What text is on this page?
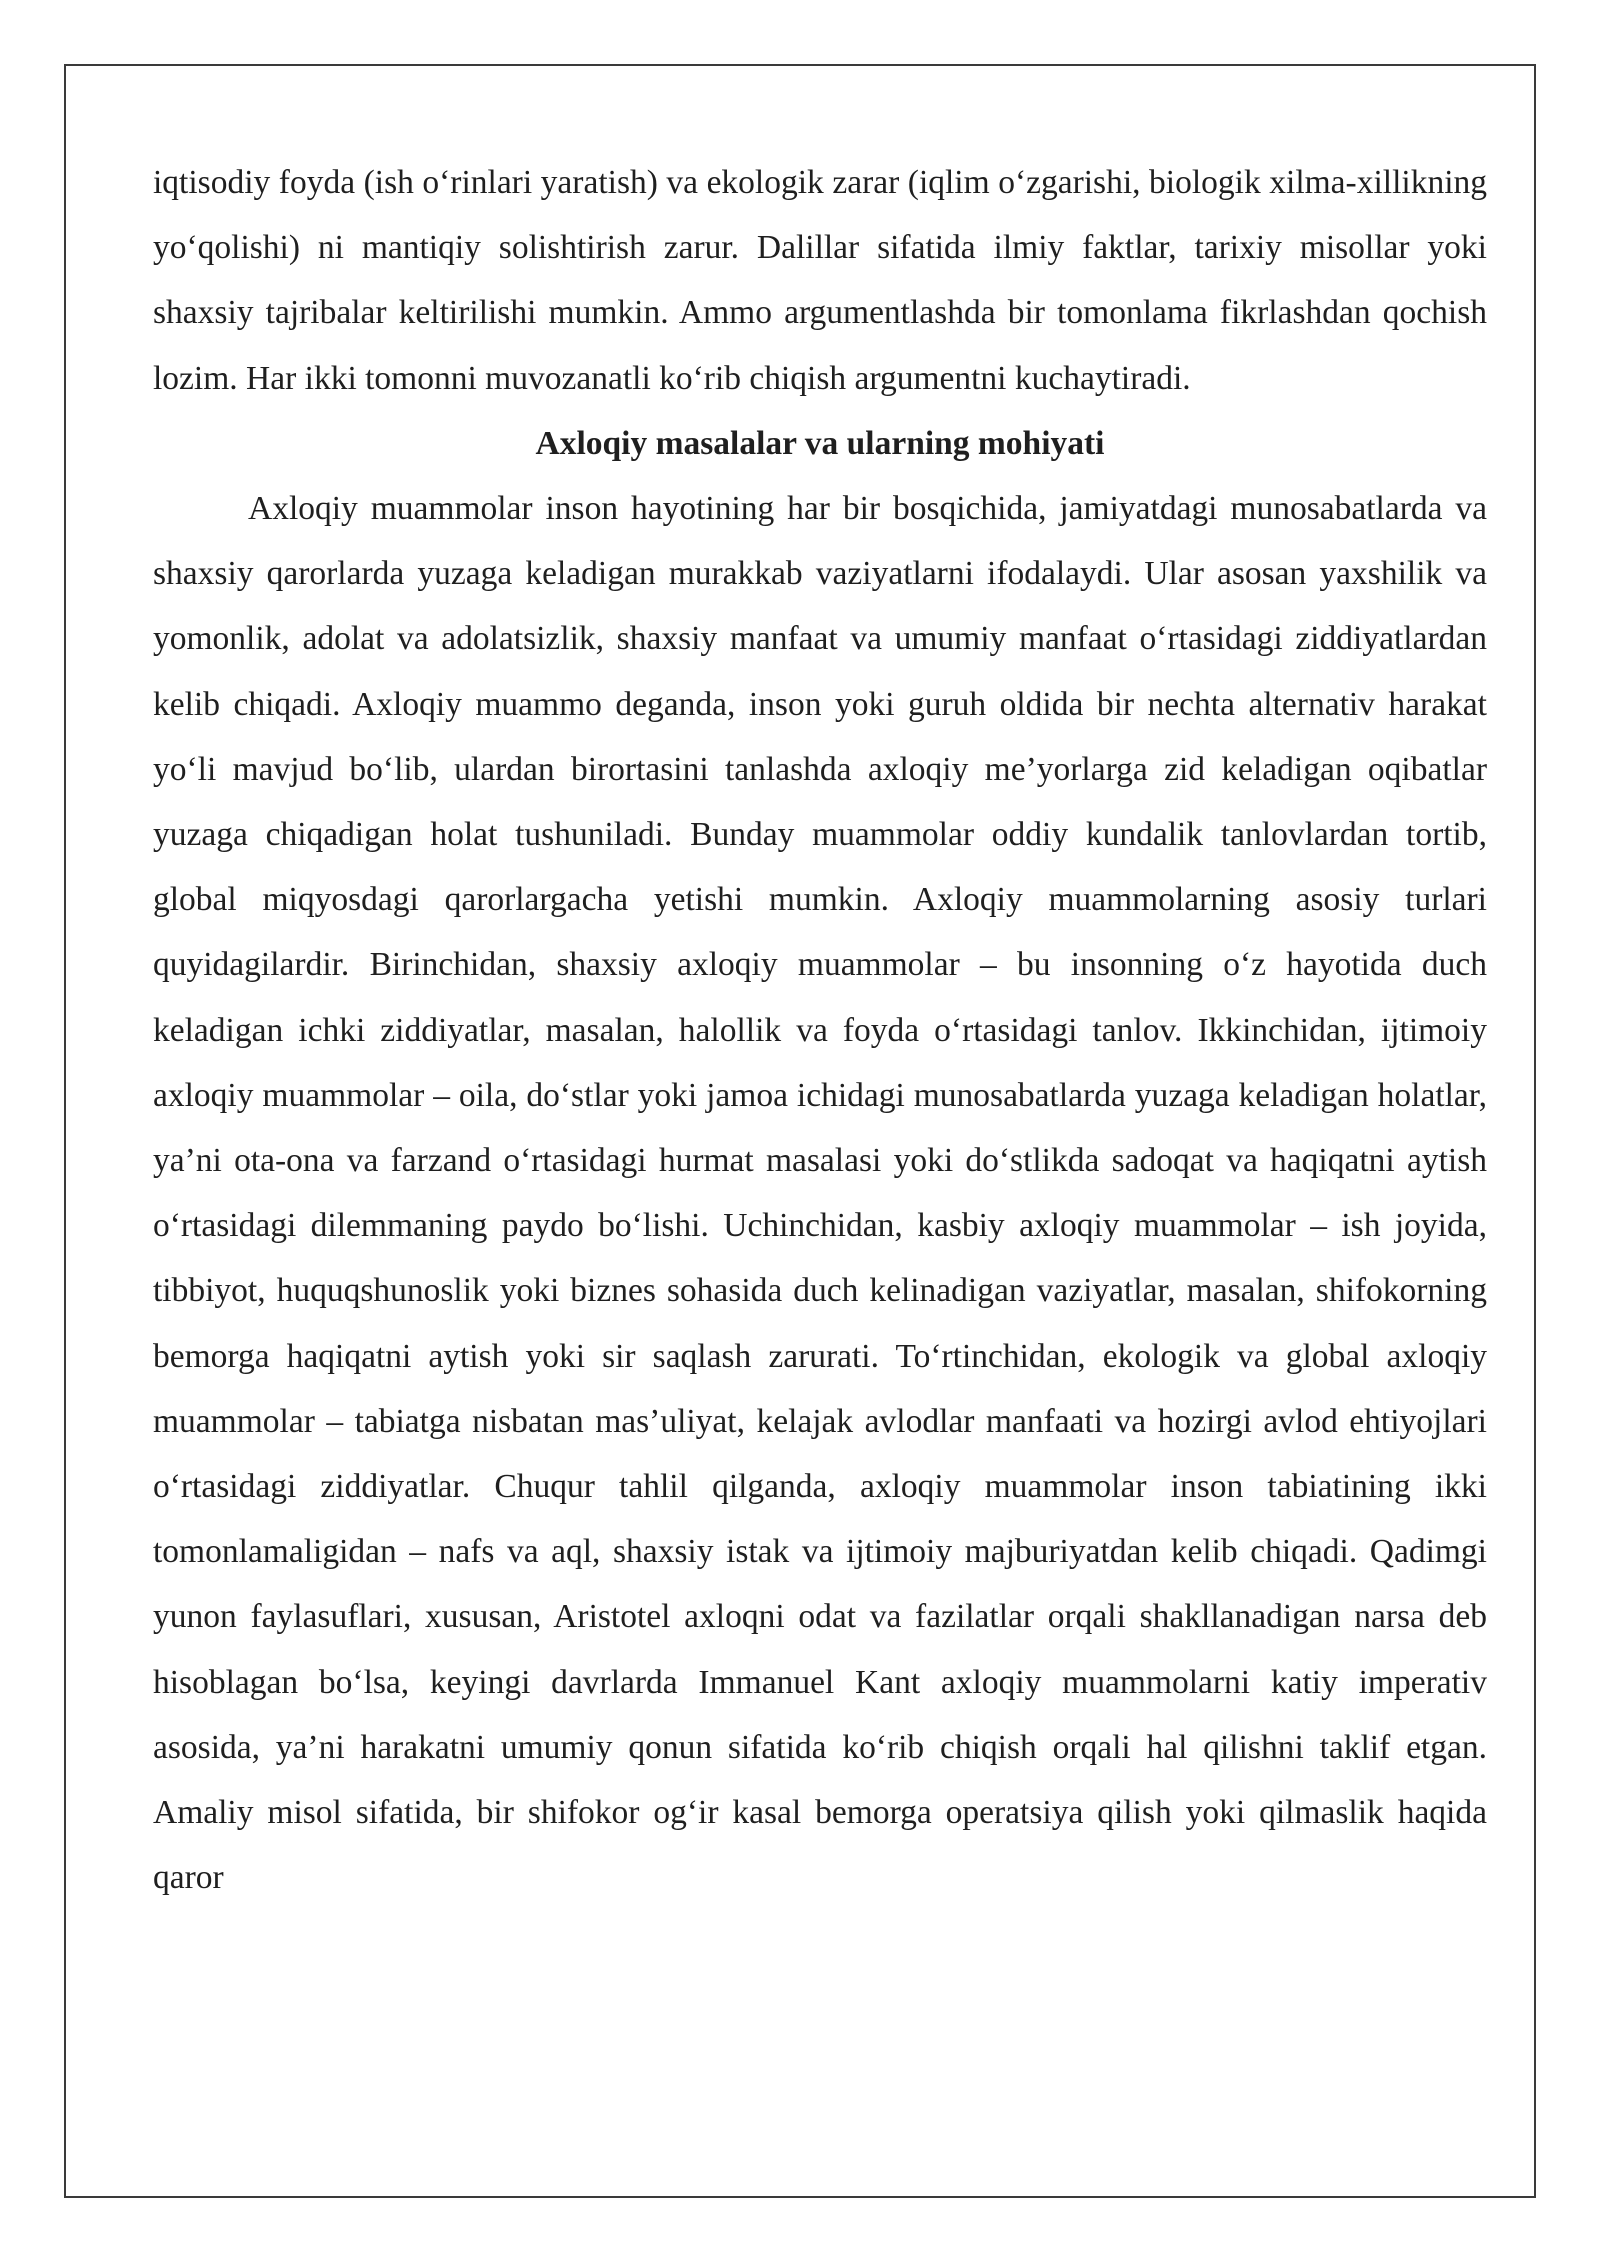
iqtisodiy foyda (ish o‘rinlari yaratish) va ekologik zarar (iqlim o‘zgarishi, biologik xilma-xillikning yo‘qolishi) ni mantiqiy solishtirish zarur. Dalillar sifatida ilmiy faktlar, tarixiy misollar yoki shaxsiy tajribalar keltirilishi mumkin. Ammo argumentlashda bir tomonlama fikrlashdan qochish lozim. Har ikki tomonni muvozanatli ko‘rib chiqish argumentni kuchaytiradi.

Axloqiy masalalar va ularning mohiyati

Axloqiy muammolar inson hayotining har bir bosqichida, jamiyatdagi munosabatlarda va shaxsiy qarorlarda yuzaga keladigan murakkab vaziyatlarni ifodalaydi. Ular asosan yaxshilik va yomonlik, adolat va adolatsizlik, shaxsiy manfaat va umumiy manfaat o‘rtasidagi ziddiyatlardan kelib chiqadi. Axloqiy muammo deganda, inson yoki guruh oldida bir nechta alternativ harakat yo‘li mavjud bo‘lib, ulardan birortasini tanlashda axloqiy me’yorlarga zid keladigan oqibatlar yuzaga chiqadigan holat tushuniladi. Bunday muammolar oddiy kundalik tanlovlardan tortib, global miqyosdagi qarorlargacha yetishi mumkin. Axloqiy muammolarning asosiy turlari quyidagilardir. Birinchidan, shaxsiy axloqiy muammolar – bu insonning o‘z hayotida duch keladigan ichki ziddiyatlar, masalan, halollik va foyda o‘rtasidagi tanlov. Ikkinchidan, ijtimoiy axloqiy muammolar – oila, do‘stlar yoki jamoa ichidagi munosabatlarda yuzaga keladigan holatlar, ya’ni ota-ona va farzand o‘rtasidagi hurmat masalasi yoki do‘stlikda sadoqat va haqiqatni aytish o‘rtasidagi dilemmaning paydo bo‘lishi. Uchinchidan, kasbiy axloqiy muammolar – ish joyida, tibbiyot, huquqshunoslik yoki biznes sohasida duch kelinadigan vaziyatlar, masalan, shifokorning bemorga haqiqatni aytish yoki sir saqlash zarurati. To‘rtinchidan, ekologik va global axloqiy muammolar – tabiatga nisbatan mas’uliyat, kelajak avlodlar manfaati va hozirgi avlod ehtiyojlari o‘rtasidagi ziddiyatlar. Chuqur tahlil qilganda, axloqiy muammolar inson tabiatining ikki tomonlamaligidan – nafs va aql, shaxsiy istak va ijtimoiy majburiyatdan kelib chiqadi. Qadimgi yunon faylasuflari, xususan, Aristotel axloqni odat va fazilatlar orqali shakllanadigan narsa deb hisoblagan bo‘lsa, keyingi davrlarda Immanuel Kant axloqiy muammolarni katiy imperativ asosida, ya’ni harakatni umumiy qonun sifatida ko‘rib chiqish orqali hal qilishni taklif etgan. Amaliy misol sifatida, bir shifokor og‘ir kasal bemorga operatsiya qilish yoki qilmaslik haqida qaror
